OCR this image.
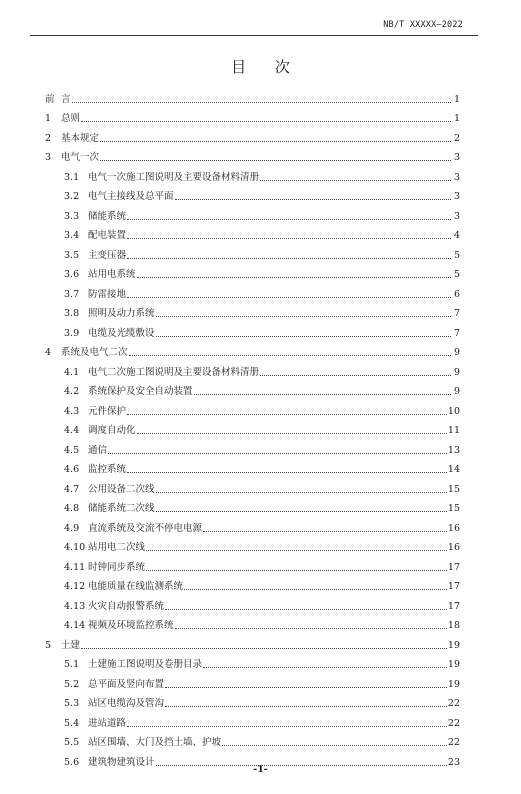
NB/T XXXXX—2022
目 次
前 言	1
1	总则	1
2	基本规定	2
3	电气一次	3
3.1 电气一次施工图说明及主要设备材料清册	3
3.2 电气主接线及总平面	3
3.3 储能系统	3
3.4 配电装置	4
3.5 主变压器	5
3.6 站用电系统	5
3.7 防雷接地	6
3.8 照明及动力系统	7
3.9 电缆及光缆敷设	7
4	系统及电气二次	9
4.1 电气二次施工图说明及主要设备材料清册	9
4.2 系统保护及安全自动装置	9
4.3 元件保护	10
4.4 调度自动化	11
4.5 通信	13
4.6 监控系统	14
4.7 公用设备二次线	15
4.8 储能系统二次线	15
4.9 直流系统及交流不停电电源	16
4.10 站用电二次线	16
4.11 时钟同步系统	17
4.12 电能质量在线监测系统	17
4.13 火灾自动报警系统	17
4.14 视频及环境监控系统	18
5	土建	19
5.1 土建施工图说明及卷册目录	19
5.2 总平面及竖向布置	19
5.3 站区电缆沟及管沟	22
5.4 进站道路	22
5.5 站区围墙、大门及挡土墙、护坡	22
5.6 建筑物建筑设计	23
-1-
